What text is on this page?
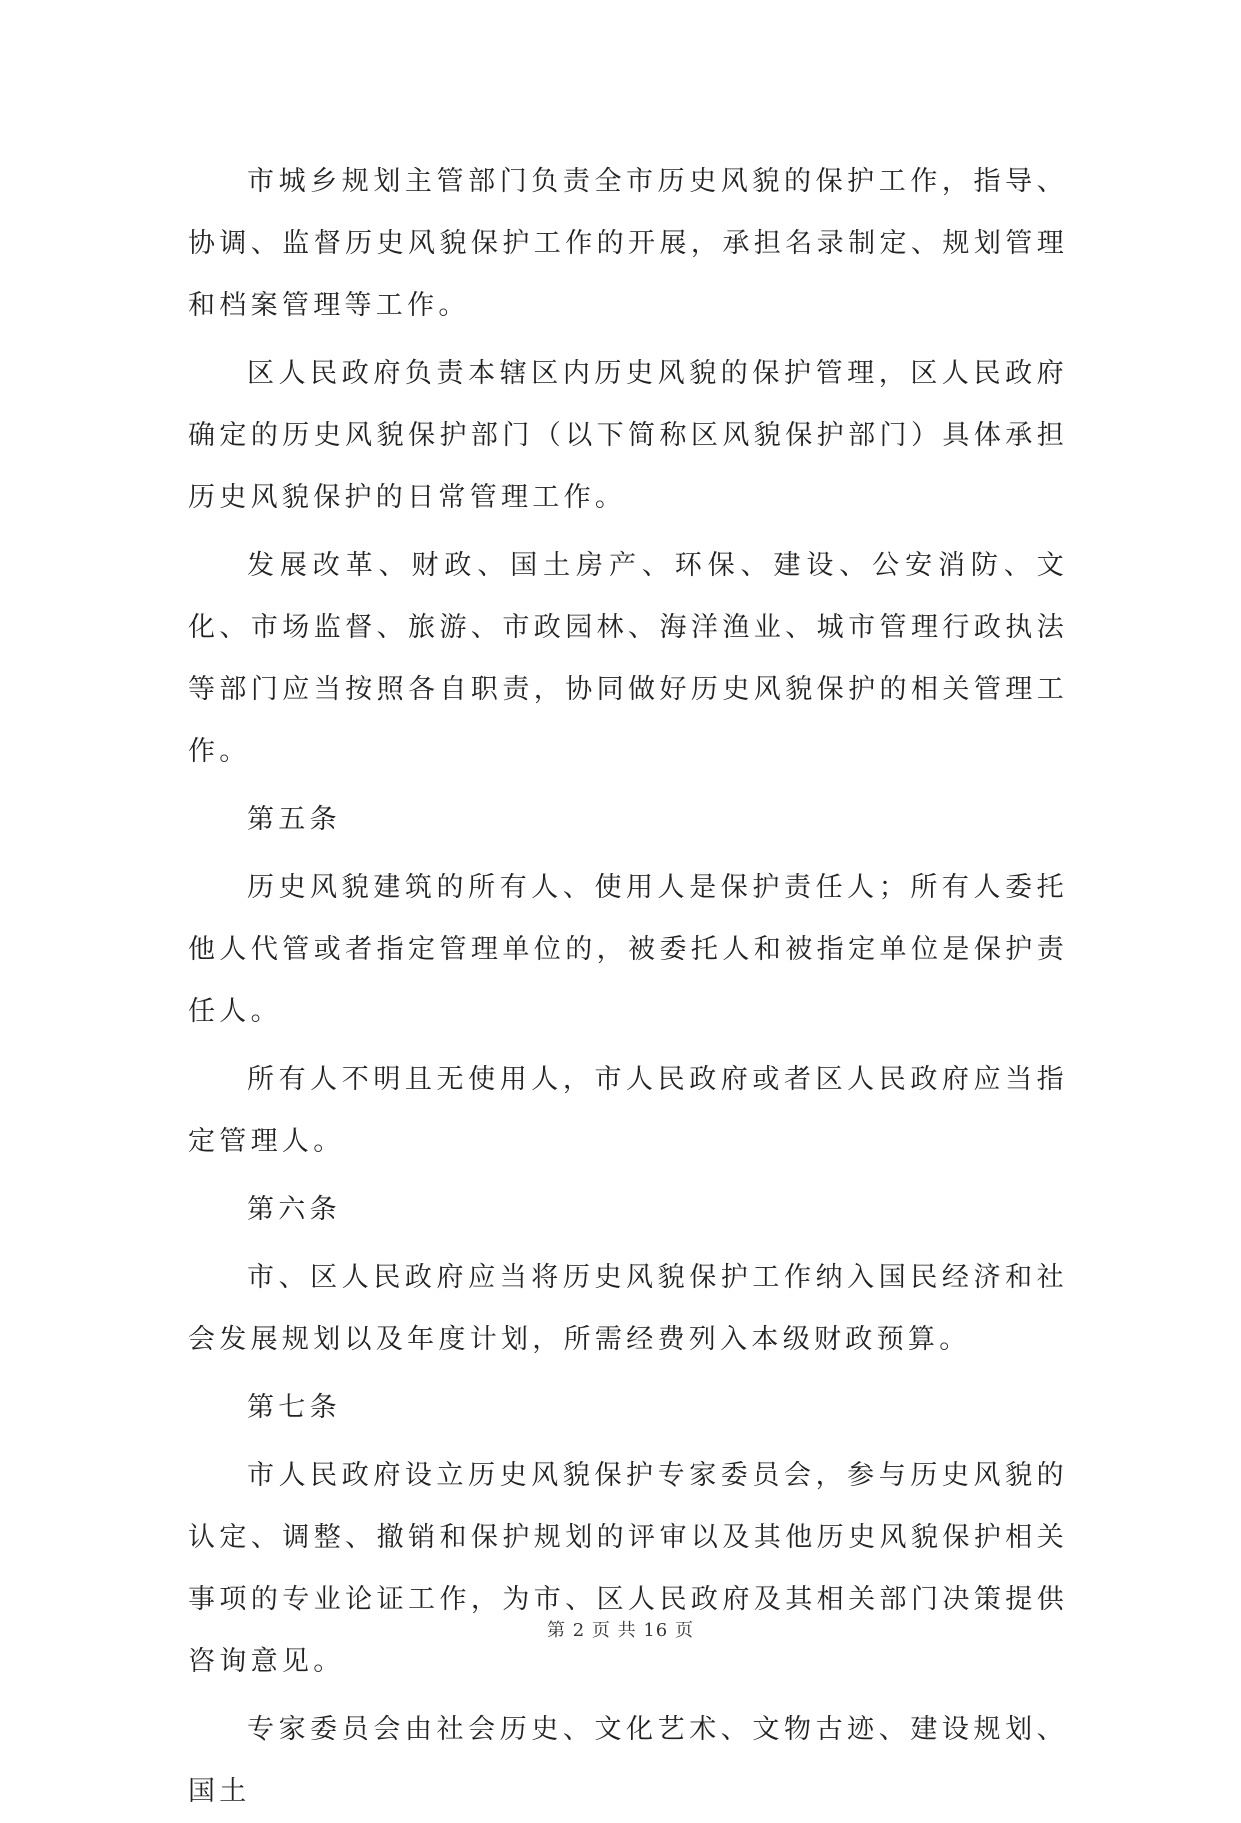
市城乡规划主管部门负责全市历史风貌的保护工作，指导、协调、监督历史风貌保护工作的开展，承担名录制定、规划管理和档案管理等工作。

区人民政府负责本辖区内历史风貌的保护管理，区人民政府确定的历史风貌保护部门（以下简称区风貌保护部门）具体承担历史风貌保护的日常管理工作。

发展改革、财政、国土房产、环保、建设、公安消防、文化、市场监督、旅游、市政园林、海洋渔业、城市管理行政执法等部门应当按照各自职责，协同做好历史风貌保护的相关管理工作。

第五条

历史风貌建筑的所有人、使用人是保护责任人；所有人委托他人代管或者指定管理单位的，被委托人和被指定单位是保护责任人。

所有人不明且无使用人，市人民政府或者区人民政府应当指定管理人。

第六条

市、区人民政府应当将历史风貌保护工作纳入国民经济和社会发展规划以及年度计划，所需经费列入本级财政预算。

第七条

市人民政府设立历史风貌保护专家委员会，参与历史风貌的认定、调整、撤销和保护规划的评审以及其他历史风貌保护相关事项的专业论证工作，为市、区人民政府及其相关部门决策提供咨询意见。

专家委员会由社会历史、文化艺术、文物古迹、建设规划、国土

第 2 页 共 16 页
